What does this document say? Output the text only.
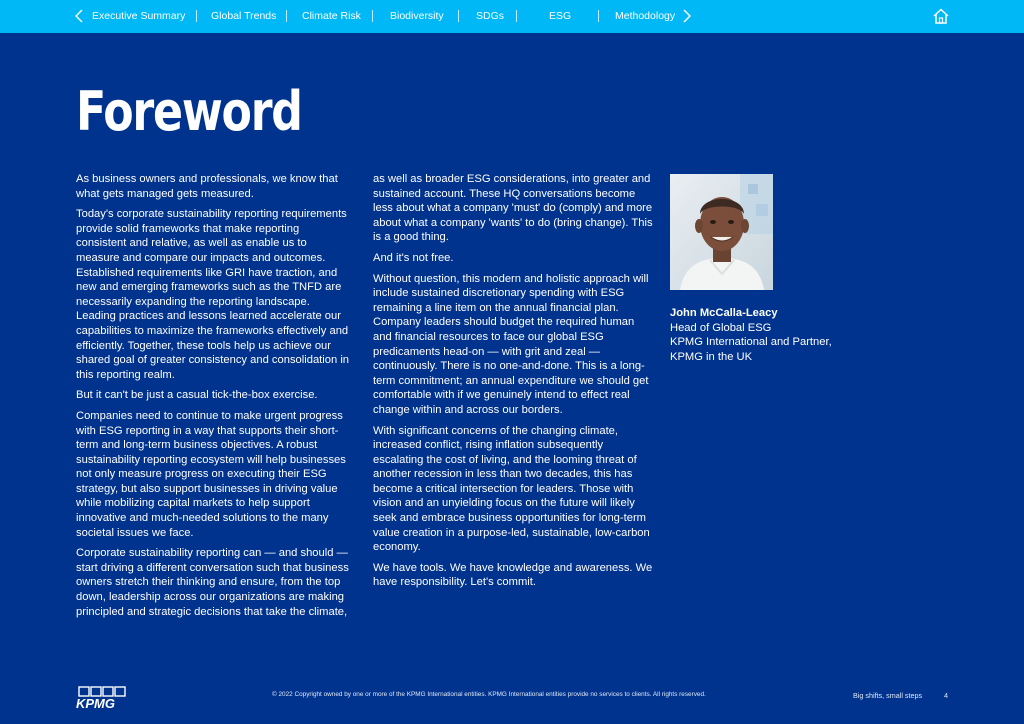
Executive Summary Global Trends Climate Risk	Biodiversity	SDGs	ESG	Methodology
Foreword

As business owners and professionals, we know that what gets managed gets measured.

Today's corporate sustainability reporting requirements provide solid frameworks that make reporting consistent and relative, as well as enable us to measure and compare our impacts and outcomes. Established requirements like GRI have traction, and new and emerging frameworks such as the TNFD are necessarily expanding the reporting landscape. Leading practices and lessons learned accelerate our capabilities to maximize the frameworks effectively and efficiently. Together, these tools help us achieve our shared goal of greater consistency and consolidation in this reporting realm.

But it can't be just a casual tick-the-box exercise.

Companies need to continue to make urgent progress with ESG reporting in a way that supports their short-term and long-term business objectives. A robust sustainability reporting ecosystem will help businesses not only measure progress on executing their ESG strategy, but also support businesses in driving value while mobilizing capital markets to help support innovative and much-needed solutions to the many societal issues we face.

Corporate sustainability reporting can — and should — start driving a different conversation such that business owners stretch their thinking and ensure, from the top down, leadership across our organizations are making principled and strategic decisions that take the climate,

as well as broader ESG considerations, into greater and sustained account. These HQ conversations become less about what a company 'must' do (comply) and more about what a company 'wants' to do (bring change). This is a good thing.

And it's not free.

Without question, this modern and holistic approach will include sustained discretionary spending with ESG remaining a line item on the annual financial plan. Company leaders should budget the required human and financial resources to face our global ESG predicaments head-on — with grit and zeal — continuously. There is no one-and-done. This is a long-term commitment; an annual expenditure we should get comfortable with if we genuinely intend to effect real change within and across our borders.

With significant concerns of the changing climate, increased conflict, rising inflation subsequently escalating the cost of living, and the looming threat of another recession in less than two decades, this has become a critical intersection for leaders. Those with vision and an unyielding focus on the future will likely seek and embrace business opportunities for long-term value creation in a purpose-led, sustainable, low-carbon economy.

We have tools. We have knowledge and awareness. We have responsibility. Let's commit.

John McCalla-Leacy
Head of Global ESG
KPMG International and Partner,
KPMG in the UK
KPMG
© 2022 Copyright owned by one or more of the KPMG International entities. KPMG International entities provide no services to clients. All rights reserved.	Big shifts, small steps	4
